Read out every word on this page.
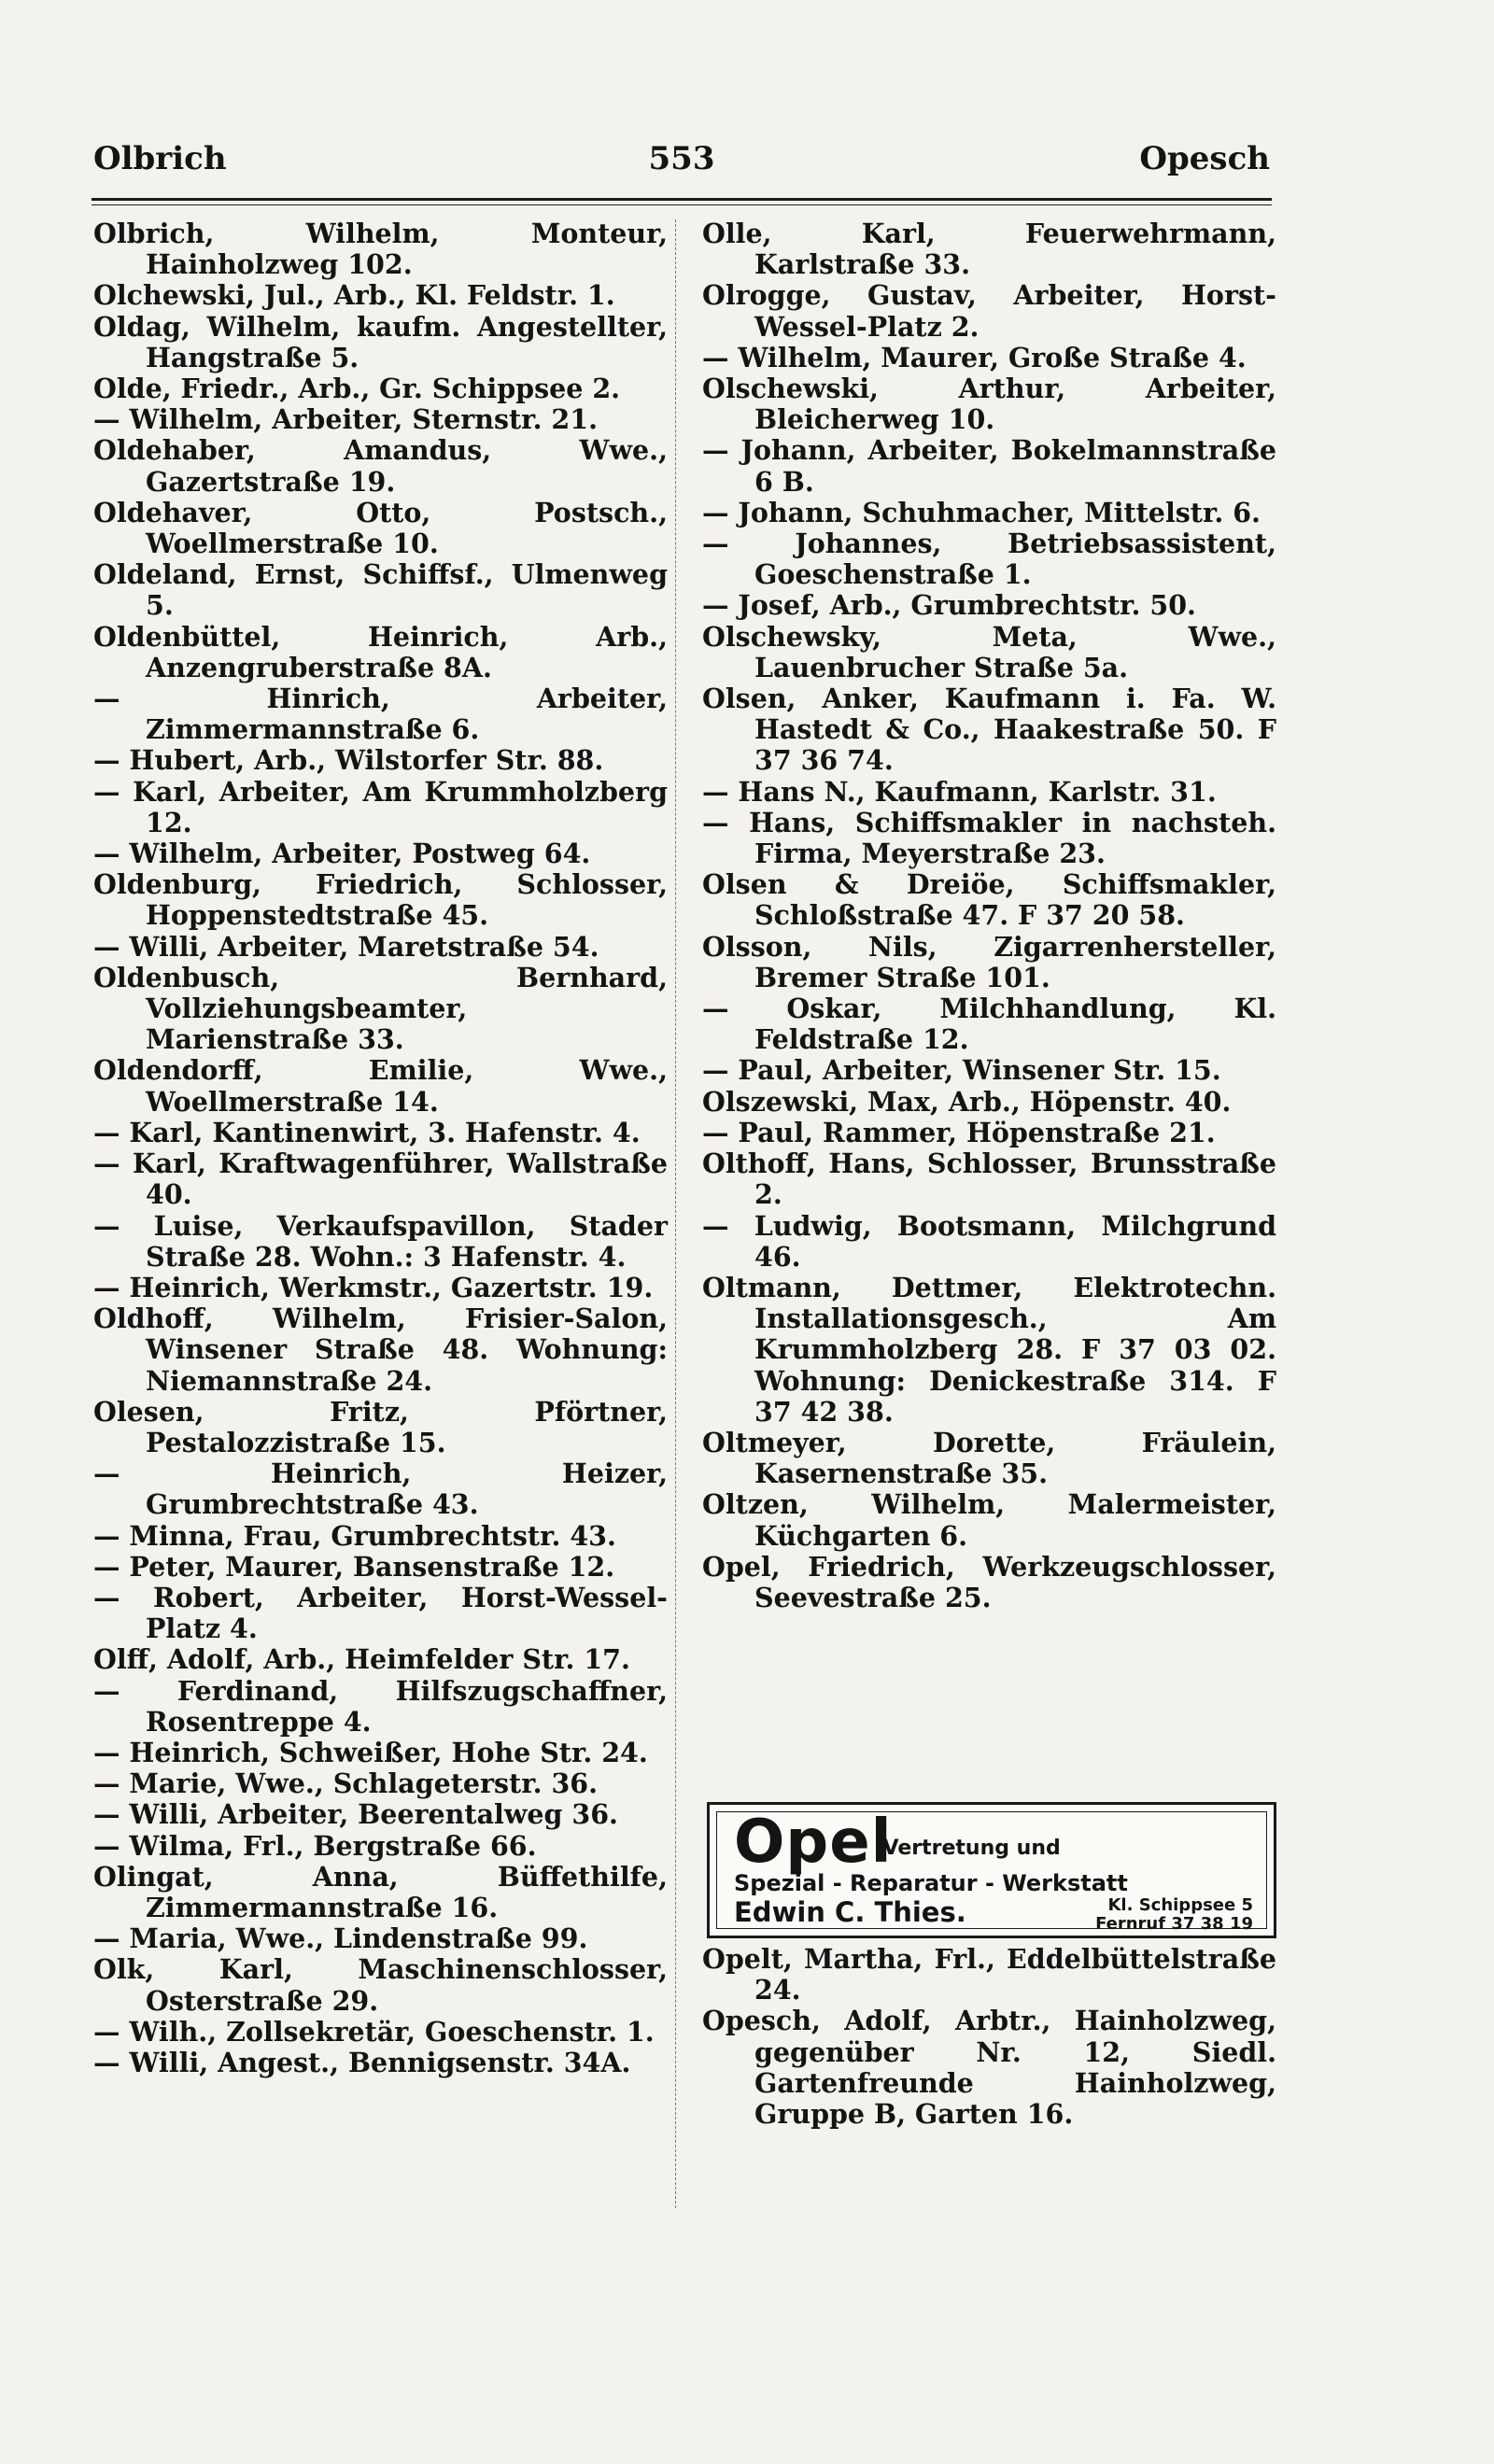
Olbrich	553	Opesch
Olbrich, Wilhelm, Monteur, Hainholzweg 102.
Olchewski, Jul., Arb., Kl. Feldstr. 1.
Oldag, Wilhelm, kaufm. Angestellter, Hangstraße 5.
Olde, Friedr., Arb., Gr. Schippsee 2.
— Wilhelm, Arbeiter, Sternstr. 21.
Oldehaber, Amandus, Wwe., Gazertstraße 19.
Oldehaver, Otto, Postsch., Woellmerstraße 10.
Oldeland, Ernst, Schiffsf., Ulmenweg 5.
Oldenbüttel, Heinrich, Arb., Anzengruberstraße 8A.
— Hinrich, Arbeiter, Zimmermannstraße 6.
— Hubert, Arb., Wilstorfer Str. 88.
— Karl, Arbeiter, Am Krummholzberg 12.
— Wilhelm, Arbeiter, Postweg 64.
Oldenburg, Friedrich, Schlosser, Hoppenstedtstraße 45.
— Willi, Arbeiter, Maretstraße 54.
Oldenbusch, Bernhard, Vollziehungsbeamter, Marienstraße 33.
Oldendorff, Emilie, Wwe., Woellmerstraße 14.
— Karl, Kantinenwirt, 3. Hafenstr. 4.
— Karl, Kraftwagenführer, Wallstraße 40.
— Luise, Verkaufspavillon, Stader Straße 28. Wohn.: 3 Hafenstr. 4.
— Heinrich, Werkmstr., Gazertstr. 19.
Oldhoff, Wilhelm, Frisier-Salon, Winsener Straße 48. Wohnung: Niemannstraße 24.
Olesen, Fritz, Pförtner, Pestalozzistraße 15.
— Heinrich, Heizer, Grumbrechtstraße 43.
— Minna, Frau, Grumbrechtstr. 43.
— Peter, Maurer, Bansenstraße 12.
— Robert, Arbeiter, Horst-Wessel-Platz 4.
Olff, Adolf, Arb., Heimfelder Str. 17.
— Ferdinand, Hilfszugschaffner, Rosentreppe 4.
— Heinrich, Schweißer, Hohe Str. 24.
— Marie, Wwe., Schlageterstr. 36.
— Willi, Arbeiter, Beerentalweg 36.
— Wilma, Frl., Bergstraße 66.
Olingat, Anna, Büffethilfe, Zimmermannstraße 16.
— Maria, Wwe., Lindenstraße 99.
Olk, Karl, Maschinenschlosser, Osterstraße 29.
— Wilh., Zollsekretär, Goeschenstr. 1.
— Willi, Angest., Bennigsenstr. 34A.
Olle, Karl, Feuerwehrmann, Karlstraße 33.
Olrogge, Gustav, Arbeiter, Horst-Wessel-Platz 2.
— Wilhelm, Maurer, Große Straße 4.
Olschewski, Arthur, Arbeiter, Bleicherweg 10.
— Johann, Arbeiter, Bokelmannstraße 6 B.
— Johann, Schuhmacher, Mittelstr. 6.
— Johannes, Betriebsassistent, Goeschenstraße 1.
— Josef, Arb., Grumbrechtstr. 50.
Olschewsky, Meta, Wwe., Lauenbrucher Straße 5a.
Olsen, Anker, Kaufmann i. Fa. W. Hastedt & Co., Haakestraße 50. F 37 36 74.
— Hans N., Kaufmann, Karlstr. 31.
— Hans, Schiffsmakler in nachsteh. Firma, Meyerstraße 23.
Olsen & Dreiöe, Schiffsmakler, Schloßstraße 47. F 37 20 58.
Olsson, Nils, Zigarrenhersteller, Bremer Straße 101.
— Oskar, Milchhandlung, Kl. Feldstraße 12.
— Paul, Arbeiter, Winsener Str. 15.
Olszewski, Max, Arb., Höpenstr. 40.
— Paul, Rammer, Höpenstraße 21.
Olthoff, Hans, Schlosser, Brunsstraße 2.
— Ludwig, Bootsmann, Milchgrund 46.
Oltmann, Dettmer, Elektrotechn. Installationsgesch., Am Krummholzberg 28. F 37 03 02. Wohnung: Denickestraße 314. F 37 42 38.
Oltmeyer, Dorette, Fräulein, Kasernenstraße 35.
Oltzen, Wilhelm, Malermeister, Küchgarten 6.
Opel, Friedrich, Werkzeugschlosser, Seevestraße 25.
Opel
-Vertretung und
Spezial - Reparatur - Werkstatt
Edwin C. Thies.	Kl. Schippsee 5
Fernruf 37 38 19
Opelt, Martha, Frl., Eddelbüttelstraße 24.
Opesch, Adolf, Arbtr., Hainholzweg, gegenüber Nr. 12, Siedl. Gartenfreunde Hainholzweg, Gruppe B, Garten 16.
